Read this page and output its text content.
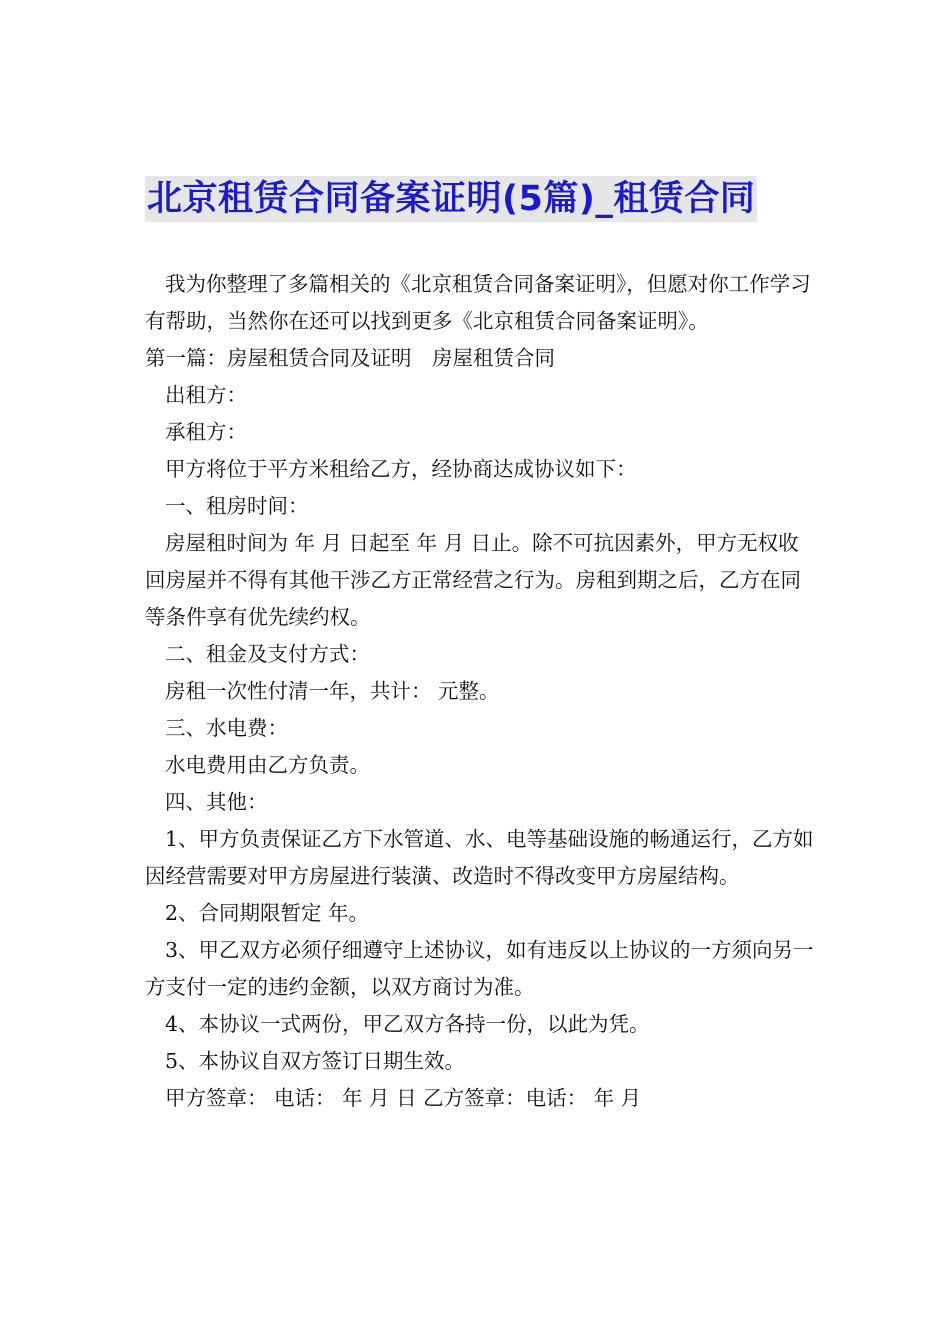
北京租赁合同备案证明(5篇)_租赁合同

我为你整理了多篇相关的《北京租赁合同备案证明》，但愿对你工作学习有帮助，当然你在还可以找到更多《北京租赁合同备案证明》。

第一篇：房屋租赁合同及证明　房屋租赁合同

出租方：

承租方：

甲方将位于平方米租给乙方，经协商达成协议如下：

一、租房时间：

房屋租时间为 年 月 日起至 年 月 日止。除不可抗因素外，甲方无权收回房屋并不得有其他干涉乙方正常经营之行为。房租到期之后，乙方在同等条件享有优先续约权。

二、租金及支付方式：

房租一次性付清一年，共计： 元整。

三、水电费：

水电费用由乙方负责。

四、其他：

1、甲方负责保证乙方下水管道、水、电等基础设施的畅通运行，乙方如因经营需要对甲方房屋进行装潢、改造时不得改变甲方房屋结构。

2、合同期限暂定 年。

3、甲乙双方必须仔细遵守上述协议，如有违反以上协议的一方须向另一方支付一定的违约金额，以双方商讨为准。

4、本协议一式两份，甲乙双方各持一份，以此为凭。

5、本协议自双方签订日期生效。

甲方签章： 电话： 年 月 日 乙方签章：电话： 年 月
